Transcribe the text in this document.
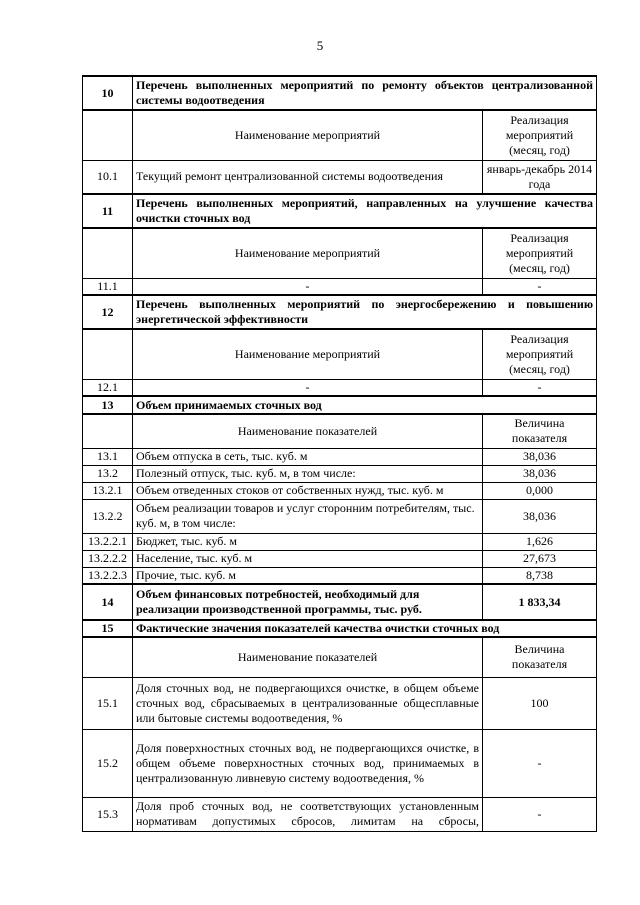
5
10	Перечень выполненных мероприятий по ремонту объектов централизованной системы водоотведения	
	Наименование мероприятий	Реализация мероприятий (месяц, год)
10.1	Текущий ремонт централизованной системы водоотведения	январь-декабрь 2014 года
11	Перечень выполненных мероприятий, направленных на улучшение качества очистки сточных вод	
	Наименование мероприятий	Реализация мероприятий (месяц, год)
11.1	-	-
12	Перечень выполненных мероприятий по энергосбережению и повышению энергетической эффективности	
	Наименование мероприятий	Реализация мероприятий (месяц, год)
12.1	-	-
13	Объем принимаемых сточных вод	
	Наименование показателей	Величина показателя
13.1	Объем отпуска в сеть, тыс. куб. м	38,036
13.2	Полезный отпуск, тыс. куб. м, в том числе:	38,036
13.2.1	Объем отведенных стоков от собственных нужд, тыс. куб. м	0,000
13.2.2	Объем реализации товаров и услуг сторонним потребителям, тыс. куб. м, в том числе:	38,036
13.2.2.1	Бюджет, тыс. куб. м	1,626
13.2.2.2	Население, тыс. куб. м	27,673
13.2.2.3	Прочие, тыс. куб. м	8,738
14	Объем финансовых потребностей, необходимый для реализации производственной программы, тыс. руб.	1 833,34
15	Фактические значения показателей качества очистки сточных вод	
	Наименование показателей	Величина показателя
15.1	Доля сточных вод, не подвергающихся очистке, в общем объеме сточных вод, сбрасываемых в централизованные общесплавные или бытовые системы водоотведения, %	100
15.2	Доля поверхностных сточных вод, не подвергающихся очистке, в общем объеме поверхностных сточных вод, принимаемых в централизованную ливневую систему водоотведения, %	-
15.3	Доля проб сточных вод, не соответствующих установленным нормативам допустимых сбросов, лимитам на сбросы,	-
